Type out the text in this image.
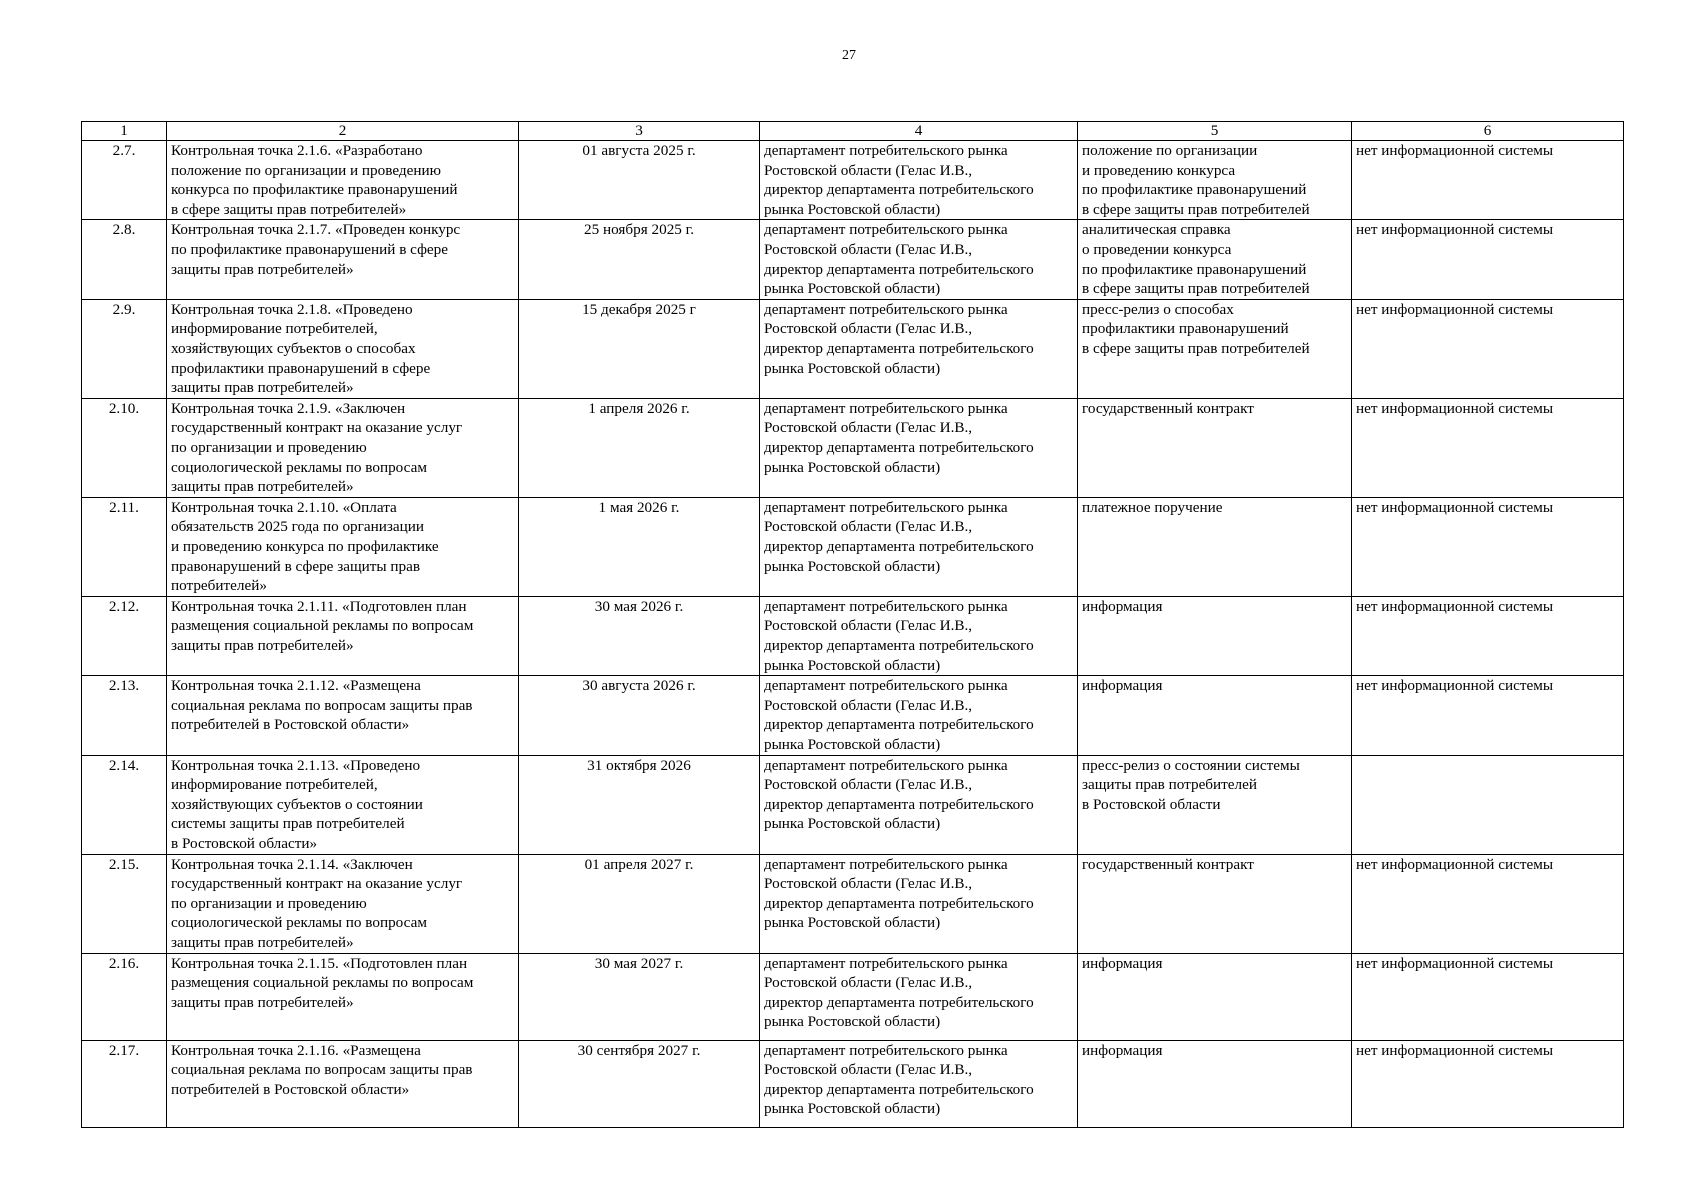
27
1	2	3	4	5	6
2.7.	Контрольная точка 2.1.6. «Разработано
положение по организации и проведению
конкурса по профилактике правонарушений
в сфере защиты прав потребителей»	01 августа 2025 г.	департамент потребительского рынка
Ростовской области (Гелас И.В.,
директор департамента потребительского
рынка Ростовской области)	положение по организации
и проведению конкурса
по профилактике правонарушений
в сфере защиты прав потребителей	нет информационной системы
2.8.	Контрольная точка 2.1.7. «Проведен конкурс
по профилактике правонарушений в сфере
защиты прав потребителей»	25 ноября 2025 г.	департамент потребительского рынка
Ростовской области (Гелас И.В.,
директор департамента потребительского
рынка Ростовской области)	аналитическая справка
о проведении конкурса
по профилактике правонарушений
в сфере защиты прав потребителей	нет информационной системы
2.9.	Контрольная точка 2.1.8. «Проведено
информирование потребителей,
хозяйствующих субъектов о способах
профилактики правонарушений в сфере
защиты прав потребителей»	15 декабря 2025 г	департамент потребительского рынка
Ростовской области (Гелас И.В.,
директор департамента потребительского
рынка Ростовской области)	пресс-релиз о способах
профилактики правонарушений
в сфере защиты прав потребителей	нет информационной системы
2.10.	Контрольная точка 2.1.9. «Заключен
государственный контракт на оказание услуг
по организации и проведению
социологической рекламы по вопросам
защиты прав потребителей»	1 апреля 2026 г.	департамент потребительского рынка
Ростовской области (Гелас И.В.,
директор департамента потребительского
рынка Ростовской области)	государственный контракт	нет информационной системы
2.11.	Контрольная точка 2.1.10. «Оплата
обязательств 2025 года по организации
и проведению конкурса по профилактике
правонарушений в сфере защиты прав
потребителей»	1 мая 2026 г.	департамент потребительского рынка
Ростовской области (Гелас И.В.,
директор департамента потребительского
рынка Ростовской области)	платежное поручение	нет информационной системы
2.12.	Контрольная точка 2.1.11. «Подготовлен план
размещения социальной рекламы по вопросам
защиты прав потребителей»	30 мая 2026 г.	департамент потребительского рынка
Ростовской области (Гелас И.В.,
директор департамента потребительского
рынка Ростовской области)	информация	нет информационной системы
2.13.	Контрольная точка 2.1.12. «Размещена
социальная реклама по вопросам защиты прав
потребителей в Ростовской области»	30 августа 2026 г.	департамент потребительского рынка
Ростовской области (Гелас И.В.,
директор департамента потребительского
рынка Ростовской области)	информация	нет информационной системы
2.14.	Контрольная точка 2.1.13. «Проведено
информирование потребителей,
хозяйствующих субъектов о состоянии
системы защиты прав потребителей
в Ростовской области»	31 октября 2026	департамент потребительского рынка
Ростовской области (Гелас И.В.,
директор департамента потребительского
рынка Ростовской области)	пресс-релиз о состоянии системы
защиты прав потребителей
в Ростовской области	
2.15.	Контрольная точка 2.1.14. «Заключен
государственный контракт на оказание услуг
по организации и проведению
социологической рекламы по вопросам
защиты прав потребителей»	01 апреля 2027 г.	департамент потребительского рынка
Ростовской области (Гелас И.В.,
директор департамента потребительского
рынка Ростовской области)	государственный контракт	нет информационной системы
2.16.	Контрольная точка 2.1.15. «Подготовлен план
размещения социальной рекламы по вопросам
защиты прав потребителей»	30 мая 2027 г.	департамент потребительского рынка
Ростовской области (Гелас И.В.,
директор департамента потребительского
рынка Ростовской области)	информация	нет информационной системы
2.17.	Контрольная точка 2.1.16. «Размещена
социальная реклама по вопросам защиты прав
потребителей в Ростовской области»	30 сентября 2027 г.	департамент потребительского рынка
Ростовской области (Гелас И.В.,
директор департамента потребительского
рынка Ростовской области)	информация	нет информационной системы
